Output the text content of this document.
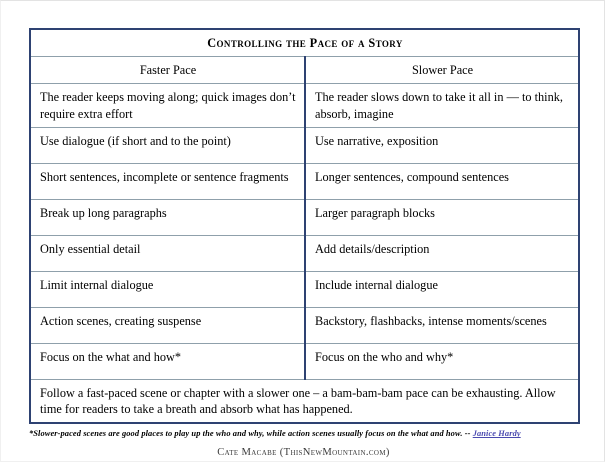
Controlling the Pace of a Story	
Faster Pace	Slower Pace
The reader keeps moving along; quick images don’t require extra effort	The reader slows down to take it all in — to think, absorb, imagine
Use dialogue (if short and to the point)	Use narrative, exposition
Short sentences, incomplete or sentence fragments	Longer sentences, compound sentences
Break up long paragraphs	Larger paragraph blocks
Only essential detail	Add details/description
Limit internal dialogue	Include internal dialogue
Action scenes, creating suspense	Backstory, flashbacks, intense moments/scenes
Focus on the what and how*	Focus on the who and why*
Follow a fast-paced scene or chapter with a slower one – a bam-bam-bam pace can be exhausting. Allow time for readers to take a breath and absorb what has happened.	
*Slower-paced scenes are good places to play up the who and why, while action scenes usually focus on the what and how. -- Janice Hardy
Cate Macabe (ThisNewMountain.com)
